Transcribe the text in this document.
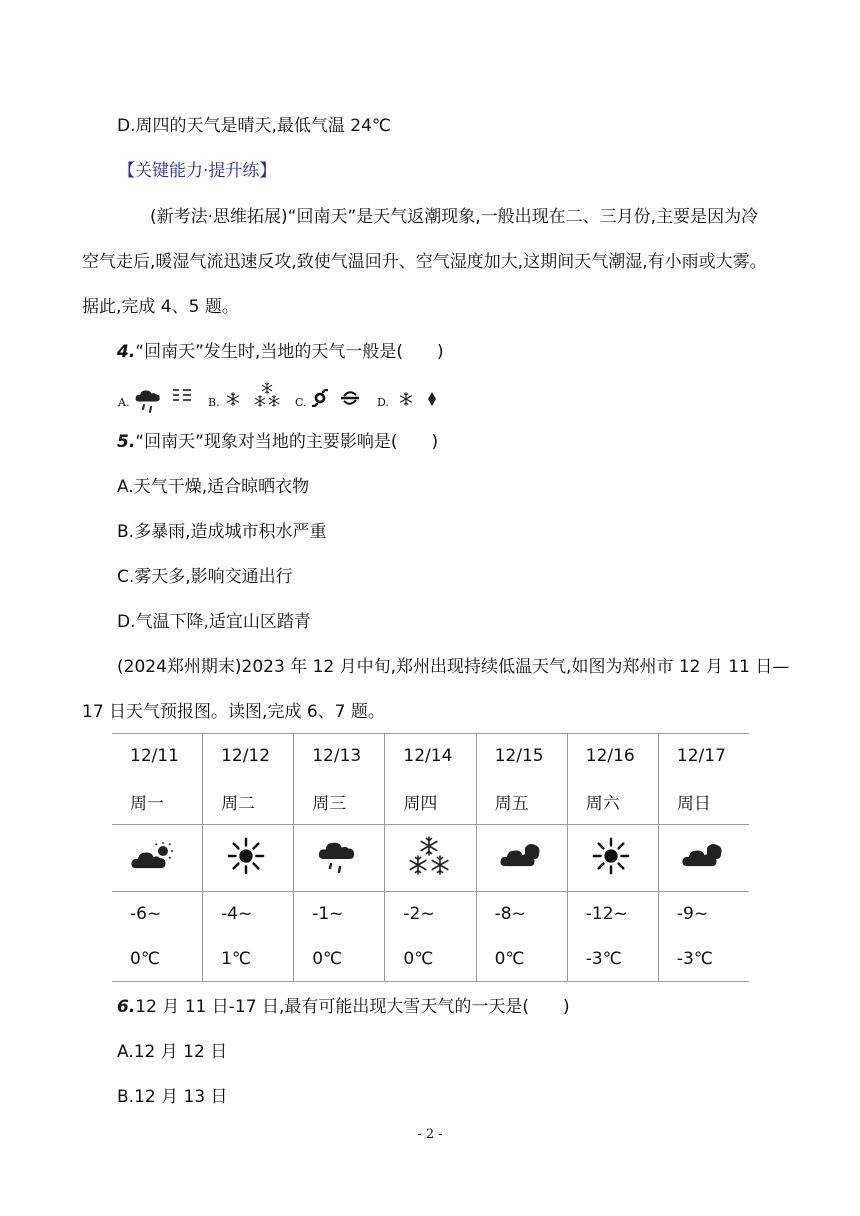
D.周四的天气是晴天,最低气温 24℃
【关键能力·提升练】
(新考法·思维拓展)“回南天”是天气返潮现象,一般出现在二、三月份,主要是因为冷
空气走后,暖湿气流迅速反攻,致使气温回升、空气湿度加大,这期间天气潮湿,有小雨或大雾。
据此,完成 4、5 题。
4.“回南天”发生时,当地的天气一般是(　　)
A.	B.	C.	D.
5.“回南天”现象对当地的主要影响是(　　)
A.天气干燥,适合晾晒衣物
B.多暴雨,造成城市积水严重
C.雾天多,影响交通出行
D.气温下降,适宜山区踏青
(2024郑州期末)2023 年 12 月中旬,郑州出现持续低温天气,如图为郑州市 12 月 11 日—
17 日天气预报图。读图,完成 6、7 题。
12/11	12/12	12/13	12/14	12/15	12/16	12/17

周一	周二	周三	周四	周五	周六	周日

-6~	-4~	-1~	-2~	-8~	-12~	-9~

0℃	1℃	0℃	0℃	0℃	-3℃	-3℃
6.12 月 11 日-17 日,最有可能出现大雪天气的一天是(　　)
A.12 月 12 日
B.12 月 13 日
- 2 -
